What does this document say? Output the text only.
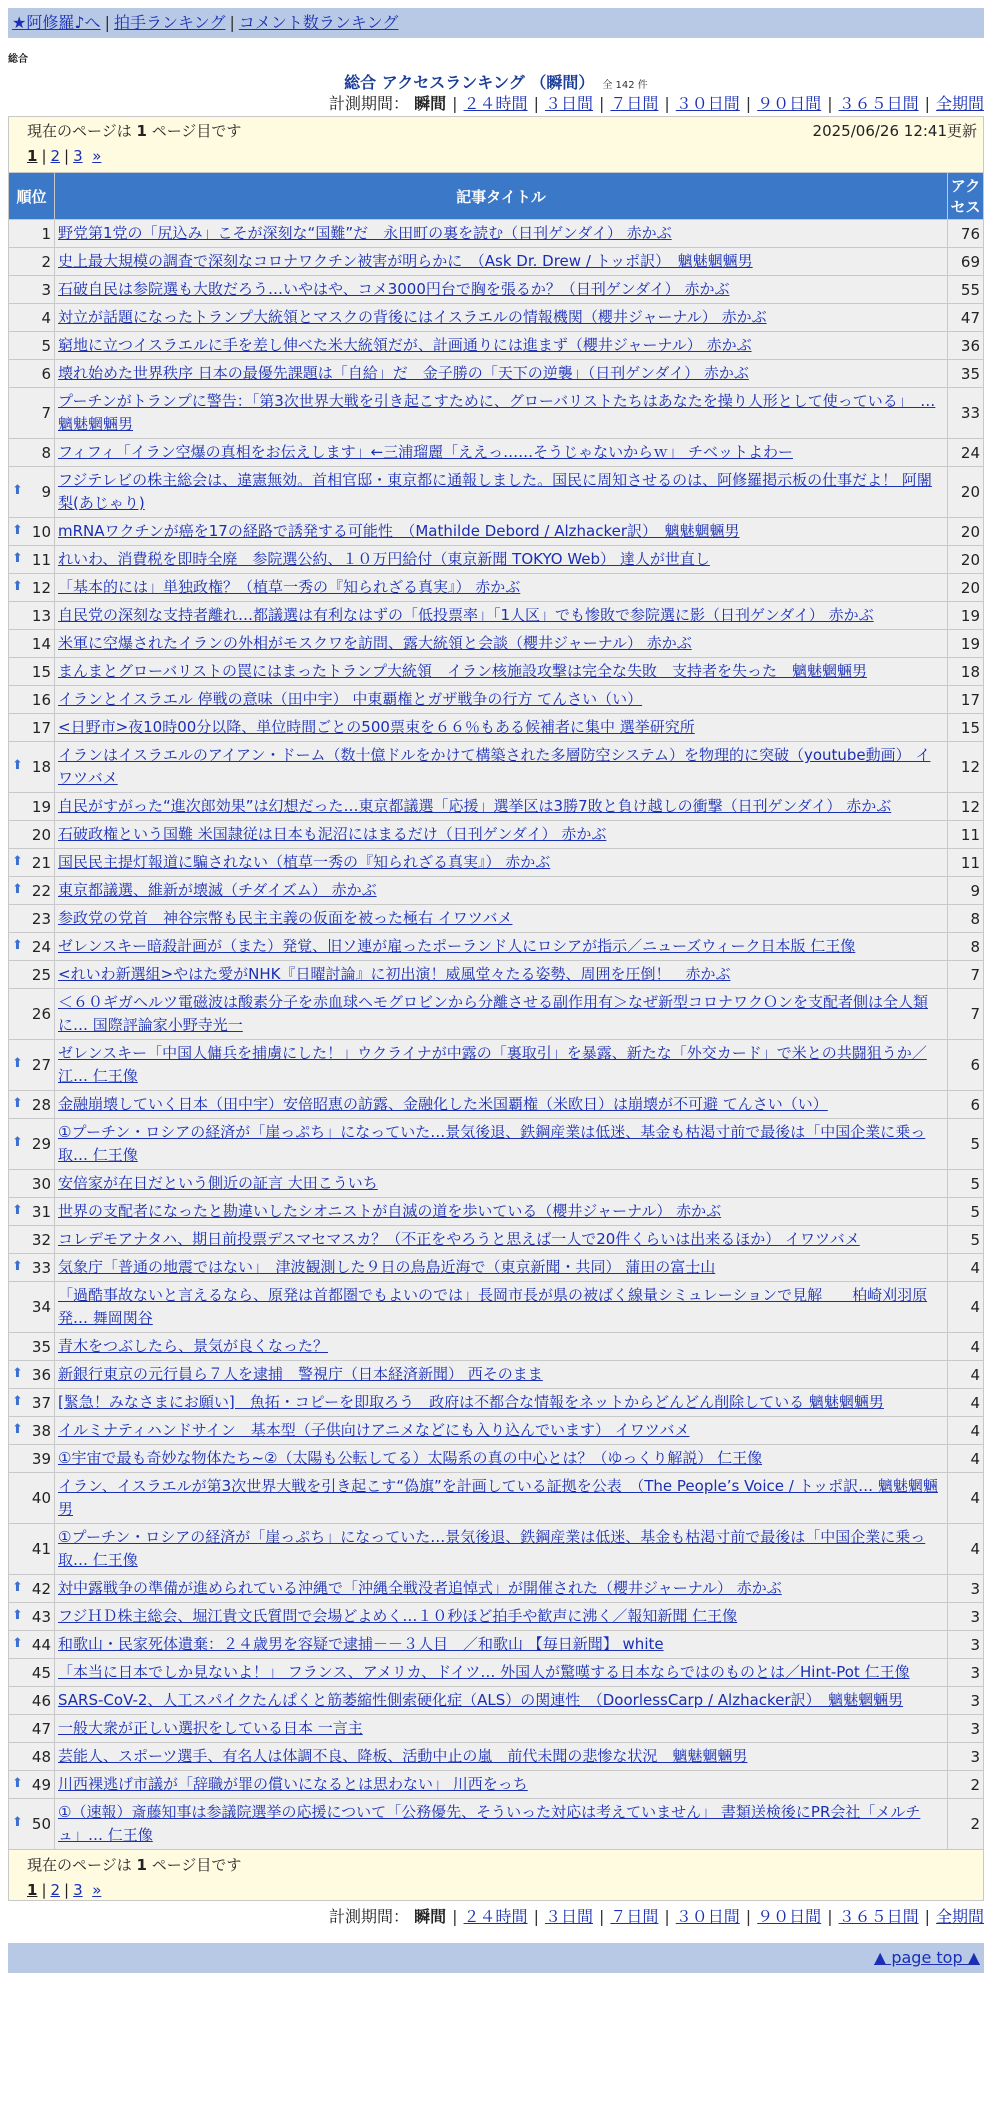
★阿修羅♪へ | 拍手ランキング | コメント数ランキング
総合
総合 アクセスランキング （瞬間） 全 142 件
計測期間： 瞬間 | ２４時間 | ３日間 | ７日間 | ３０日間 | ９０日間 | ３６５日間 | 全期間
現在のページは 1 ページ目です	2025/06/26 12:41更新
1 | 2 | 3 »
順位	記事タイトル	アクセス
1	野党第1党の「尻込み」こそが深刻な“国難”だ　永田町の裏を読む（日刊ゲンダイ） 赤かぶ	76
2	史上最大規模の調査で深刻なコロナワクチン被害が明らかに　（Ask Dr. Drew / トッポ訳）　魑魅魍魎男	69
3	石破自民は参院選も大敗だろう…いやはや、コメ3000円台で胸を張るか？（日刊ゲンダイ） 赤かぶ	55
4	対立が話題になったトランプ大統領とマスクの背後にはイスラエルの情報機関（櫻井ジャーナル） 赤かぶ	47
5	窮地に立つイスラエルに手を差し伸べた米大統領だが、計画通りには進まず（櫻井ジャーナル） 赤かぶ	36
6	壊れ始めた世界秩序 日本の最優先課題は「自給」だ　金子勝の「天下の逆襲」（日刊ゲンダイ） 赤かぶ	35
7	プーチンがトランプに警告：「第3次世界大戦を引き起こすために、グローバリストたちはあなたを操り人形として使っている」　… 魑魅魍魎男	33
8	フィフィ「イラン空爆の真相をお伝えします」←三浦瑠麗「ええっ……そうじゃないからｗ」 チベットよわー	24

⬆ 9	フジテレビの株主総会は、違憲無効。首相官邸・東京都に通報しました。国民に周知させるのは、阿修羅掲示板の仕事だよ！ 阿闍梨(あじゃり)	20

⬆ 10	mRNAワクチンが癌を17の経路で誘発する可能性　（Mathilde Debord / Alzhacker訳）　魑魅魍魎男	20

⬆ 11	れいわ、消費税を即時全廃　参院選公約、１０万円給付（東京新聞 TOKYO Web） 達人が世直し	20

⬆ 12	「基本的には」単独政権？（植草一秀の『知られざる真実』） 赤かぶ	20
13	自民党の深刻な支持者離れ…都議選は有利なはずの「低投票率」「1人区」でも惨敗で参院選に影（日刊ゲンダイ） 赤かぶ	19
14	米軍に空爆されたイランの外相がモスクワを訪問、露大統領と会談（櫻井ジャーナル） 赤かぶ	19
15	まんまとグローバリストの罠にはまったトランプ大統領　イラン核施設攻撃は完全な失敗　支持者を失った　魑魅魍魎男	18
16	イランとイスラエル 停戦の意味（田中宇） 中東覇権とガザ戦争の行方 てんさい（い）	17
17	<日野市>夜10時00分以降、単位時間ごとの500票束を６６％もある候補者に集中 選挙研究所	15

⬆ 18	イランはイスラエルのアイアン・ドーム（数十億ドルをかけて構築された多層防空システム）を物理的に突破（youtube動画） イワツバメ	12
19	自民がすがった“進次郎効果”は幻想だった…東京都議選「応援」選挙区は3勝7敗と負け越しの衝撃（日刊ゲンダイ） 赤かぶ	12
20	石破政権という国難 米国隷従は日本も泥沼にはまるだけ（日刊ゲンダイ） 赤かぶ	11

⬆ 21	国民民主提灯報道に騙されない（植草一秀の『知られざる真実』） 赤かぶ	11

⬆ 22	東京都議選、維新が壊滅（チダイズム） 赤かぶ	9
23	参政党の党首　神谷宗幣も民主主義の仮面を被った極右 イワツバメ	8

⬆ 24	ゼレンスキー暗殺計画が（また）発覚、旧ソ連が雇ったポーランド人にロシアが指示／ニューズウィーク日本版 仁王像	8
25	<れいわ新選組>やはた愛がNHK『日曜討論』に初出演！威風堂々たる姿勢、周囲を圧倒！　赤かぶ	7
26	＜６０ギガヘルツ電磁波は酸素分子を赤血球ヘモグロビンから分離させる副作用有＞なぜ新型コロナワクＯンを支配者側は全人類に… 国際評論家小野寺光一	7

⬆ 27	ゼレンスキー「中国人傭兵を捕虜にした！」ウクライナが中露の「裏取引」を暴露、新たな「外交カード」で米との共闘狙うか／江… 仁王像	6

⬆ 28	金融崩壊していく日本（田中宇）安倍昭恵の訪露、金融化した米国覇権（米欧日）は崩壊が不可避 てんさい（い）	6

⬆ 29	①プーチン・ロシアの経済が「崖っぷち」になっていた…景気後退、鉄鋼産業は低迷、基金も枯渇寸前で最後は「中国企業に乗っ取… 仁王像	5
30	安倍家が在日だという側近の証言 大田こういち	5

⬆ 31	世界の支配者になったと勘違いしたシオニストが自滅の道を歩いている（櫻井ジャーナル） 赤かぶ	5
32	コレデモアナタハ、期日前投票デスマセマスカ？（不正をやろうと思えば一人で20件くらいは出来るほか） イワツバメ	5

⬆ 33	気象庁「普通の地震ではない」　津波観測した９日の鳥島近海で（東京新聞・共同） 蒲田の富士山	4
34	「過酷事故ないと言えるなら、原発は首都圏でもよいのでは」長岡市長が県の被ばく線量シミュレーションで見解　　柏崎刈羽原発… 舞岡関谷	4
35	青木をつぶしたら、景気が良くなった？	4

⬆ 36	新銀行東京の元行員ら７人を逮捕　警視庁（日本経済新聞） 西そのまま	4

⬆ 37	[緊急！みなさまにお願い]　魚拓・コピーを即取ろう　政府は不都合な情報をネットからどんどん削除している 魑魅魍魎男	4

⬆ 38	イルミナティハンドサイン　基本型（子供向けアニメなどにも入り込んでいます） イワツバメ	4
39	①宇宙で最も奇妙な物体たち~②（太陽も公転してる）太陽系の真の中心とは？（ゆっくり解説） 仁王像	4
40	イラン、イスラエルが第3次世界大戦を引き起こす“偽旗”を計画している証拠を公表　（The People’s Voice / トッポ訳… 魑魅魍魎男	4
41	①プーチン・ロシアの経済が「崖っぷち」になっていた…景気後退、鉄鋼産業は低迷、基金も枯渇寸前で最後は「中国企業に乗っ取… 仁王像	4

⬆ 42	対中露戦争の準備が進められている沖縄で「沖縄全戦没者追悼式」が開催された（櫻井ジャーナル） 赤かぶ	3

⬆ 43	フジＨＤ株主総会、堀江貴文氏質問で会場どよめく…１０秒ほど拍手や歓声に沸く／報知新聞 仁王像	3

⬆ 44	和歌山・民家死体遺棄：２４歳男を容疑で逮捕－－３人目　／和歌山 【毎日新聞】 white	3
45	「本当に日本でしか見ないよ！」 フランス、アメリカ、ドイツ… 外国人が驚嘆する日本ならではのものとは／Hint-Pot 仁王像	3
46	SARS-CoV-2、人工スパイクたんぱくと筋萎縮性側索硬化症（ALS）の関連性　（DoorlessCarp / Alzhacker訳）　魑魅魍魎男	3
47	一般大衆が正しい選択をしている日本 一言主	3
48	芸能人、スポーツ選手、有名人は体調不良、降板、活動中止の嵐　前代未聞の悲惨な状況　魑魅魍魎男	3

⬆ 49	川西裸逃げ市議が「辞職が罪の償いになるとは思わない」 川西をっち	2

⬆ 50	①（速報）斎藤知事は参議院選挙の応援について「公務優先、そういった対応は考えていません」 書類送検後にPR会社「メルチュ」… 仁王像	2
現在のページは 1 ページ目です
1 | 2 | 3 »
計測期間： 瞬間 | ２４時間 | ３日間 | ７日間 | ３０日間 | ９０日間 | ３６５日間 | 全期間
▲ page top ▲
